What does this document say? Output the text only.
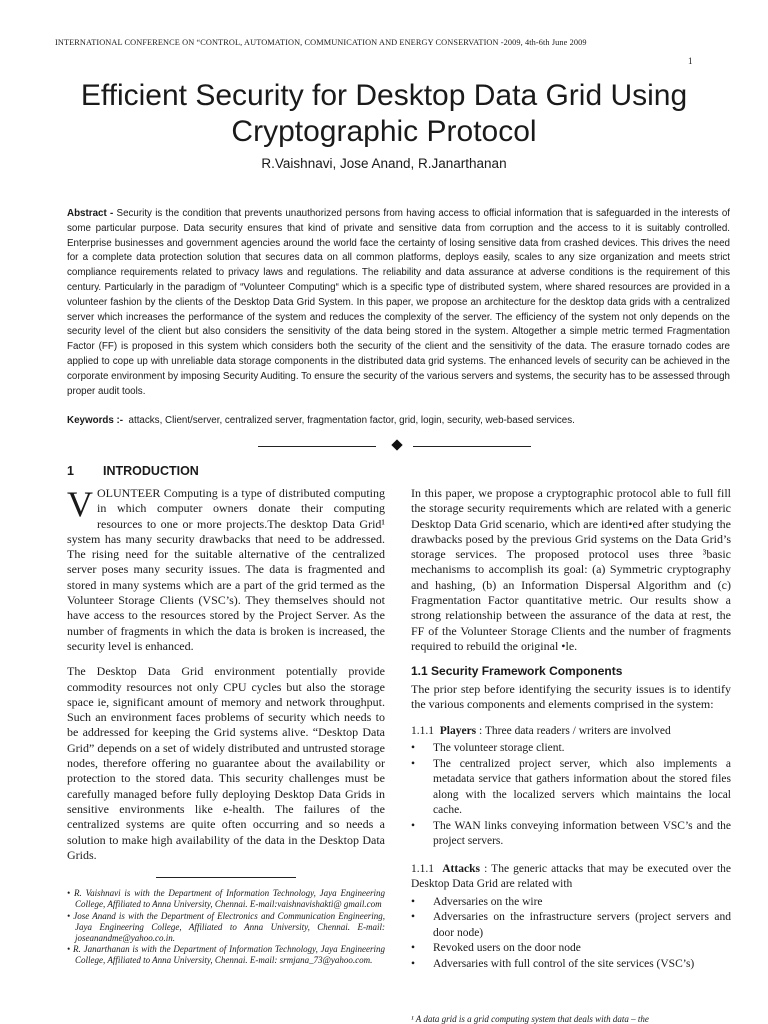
INTERNATIONAL CONFERENCE ON “CONTROL, AUTOMATION, COMMUNICATION AND ENERGY CONSERVATION -2009, 4th-6th June 2009
1
Efficient Security for Desktop Data Grid Using Cryptographic Protocol
R.Vaishnavi, Jose Anand, R.Janarthanan

Abstract - Security is the condition that prevents unauthorized persons from having access to official information that is safeguarded in the interests of some particular purpose. Data security ensures that kind of private and sensitive data from corruption and the access to it is suitably controlled. Enterprise businesses and government agencies around the world face the certainty of losing sensitive data from crashed devices. This drives the need for a complete data protection solution that secures data on all common platforms, deploys easily, scales to any size organization and meets strict compliance requirements related to privacy laws and regulations. The reliability and data assurance at adverse conditions is the requirement of this century. Particularly in the paradigm of “Volunteer Computing“ which is a specific type of distributed system, where shared resources are provided in a volunteer fashion by the clients of the Desktop Data Grid System. In this paper, we propose an architecture for the desktop data grids with a centralized server which increases the performance of the system and reduces the complexity of the server. The efficiency of the system not only depends on the security level of the client but also considers the sensitivity of the data being stored in the system. Altogether a simple metric termed Fragmentation Factor (FF) is proposed in this system which considers both the security of the client and the sensitivity of the data. The erasure tornado codes are applied to cope up with unreliable data storage components in the distributed data grid systems. The enhanced levels of security can be achieved in the corporate environment by imposing Security Auditing. To ensure the security of the various servers and systems, the security has to be assessed through proper audit tools.

Keywords :- attacks, Client/server, centralized server, fragmentation factor, grid, login, security, web-based services.
1 INTRODUCTION

VOLUNTEER Computing is a type of distributed computing in which computer owners donate their computing resources to one or more projects.The desktop Data Grid¹ system has many security drawbacks that need to be addressed. The rising need for the suitable alternative of the centralized server poses many security issues. The data is fragmented and stored in many systems which are a part of the grid termed as the Volunteer Storage Clients (VSC’s). They themselves should not have access to the resources stored by the Project Server. As the number of fragments in which the data is broken is increased, the security level is enhanced.

The Desktop Data Grid environment potentially provide commodity resources not only CPU cycles but also the storage space ie, significant amount of memory and network throughput. Such an environment faces problems of security which needs to be addressed for keeping the Grid systems alive. “Desktop Data Grid” depends on a set of widely distributed and untrusted storage nodes, therefore offering no guarantee about the availability or protection to the stored data. This security challenges must be carefully managed before fully deploying Desktop Data Grids in sensitive environments like e-health. The failures of the centralized systems are quite often occurring and so needs a solution to make high availability of the data in the Desktop Data Grids.

• R. Vaishnavi is with the Department of Information Technology, Jaya Engineering College, Affiliated to Anna University, Chennai. E-mail:vaishnavishakti@ gmail.com
• Jose Anand is with the Department of Electronics and Communication Engineering, Jaya Engineering College, Affiliated to Anna University, Chennai. E-mail: joseanandme@yahoo.co.in.
• R. Janarthanan is with the Department of Information Technology, Jaya Engineering College, Affiliated to Anna University, Chennai. E-mail: srmjana_73@yahoo.com.

In this paper, we propose a cryptographic protocol able to full fill the storage security requirements which are related with a generic Desktop Data Grid scenario, which are identi•ed after studying the drawbacks posed by the previous Grid systems on the Data Grid’s storage services. The proposed protocol uses three ³basic mechanisms to accomplish its goal: (a) Symmetric cryptography and hashing, (b) an Information Dispersal Algorithm and (c) Fragmentation Factor quantitative metric. Our results show a strong relationship between the assurance of the data at rest, the FF of the Volunteer Storage Clients and the number of fragments required to rebuild the original •le.

1.1 Security Framework Components

The prior step before identifying the security issues is to identify the various components and elements comprised in the system:

1.1.1 Players : Three data readers / writers are involved
• The volunteer storage client.
• The centralized project server, which also implements a metadata service that gathers information about the stored files along with the localized servers which maintains the local cache.
• The WAN links conveying information between VSC’s and the project servers.
1.1.1 Attacks : The generic attacks that may be executed over the Desktop Data Grid are related with
• Adversaries on the wire
• Adversaries on the infrastructure servers (project servers and door node)
• Revoked users on the door node
• Adversaries with full control of the site services (VSC’s)
¹ A data grid is a grid computing system that deals with data – the
